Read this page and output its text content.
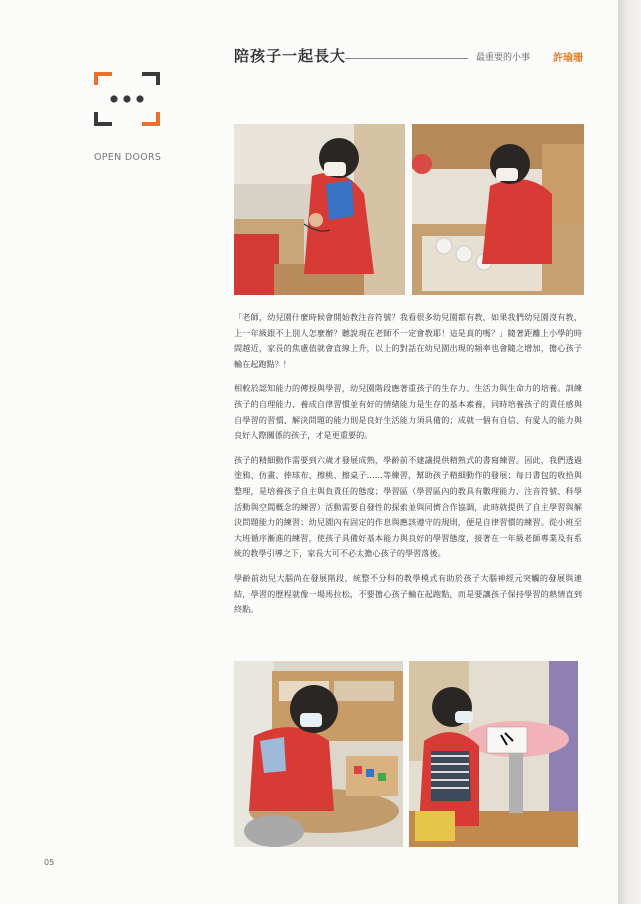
OPEN DOORS
陪孩子一起長大	最重要的小事 許瑜珊

「老師，幼兒園什麼時候會開始教注音符號？我看很多幼兒園都有教，如果我們幼兒園沒有教，上一年級跟不上別人怎麼辦？聽說現在老師不一定會教耶！這是真的嗎？」隨著距離上小學的時間越近，家長的焦慮值就會直線上升，以上的對話在幼兒園出現的頻率也會隨之增加，擔心孩子輸在起跑點？！

相較於認知能力的傳授與學習，幼兒園階段應著重孩子的生存力、生活力與生命力的培養。訓練孩子的自理能力、養成自律習慣並有好的情緒能力是生存的基本素養，同時培養孩子的責任感與自學習的習慣、解決問題的能力則是良好生活能力須具備的；成就一個有自信、有愛人的能力與良好人際關係的孩子，才是更重要的。

孩子的精細動作需要到六歲才發展成熟，學齡前不建議提供精熟式的書寫練習。因此，我們透過塗鴉、仿畫、捧球布、擦桃、擦桌子……等練習，幫助孩子精細動作的發展；每日書包的收拾與整理，是培養孩子自主與負責任的態度；學習區（學習區內的教具有數理能力、注音符號、科學活動與空間概念的練習）活動需要自發性的探索並與同儕合作協調，此時就提供了自主學習與解決問題能力的練習；幼兒園內有固定的作息與應該遵守的規則，便是自律習慣的練習。從小班至大班循序漸進的練習，使孩子具備好基本能力與良好的學習態度，接著在一年級老師專業及有系統的教學引導之下，家長大可不必太擔心孩子的學習落後。

學齡前幼兒大腦尚在發展階段，統整不分科的教學模式有助於孩子大腦神經元突觸的發展與連結，學習的歷程就像一場馬拉松，不要擔心孩子輸在起跑點，而是要讓孩子保持學習的熱情直到終點。

05
